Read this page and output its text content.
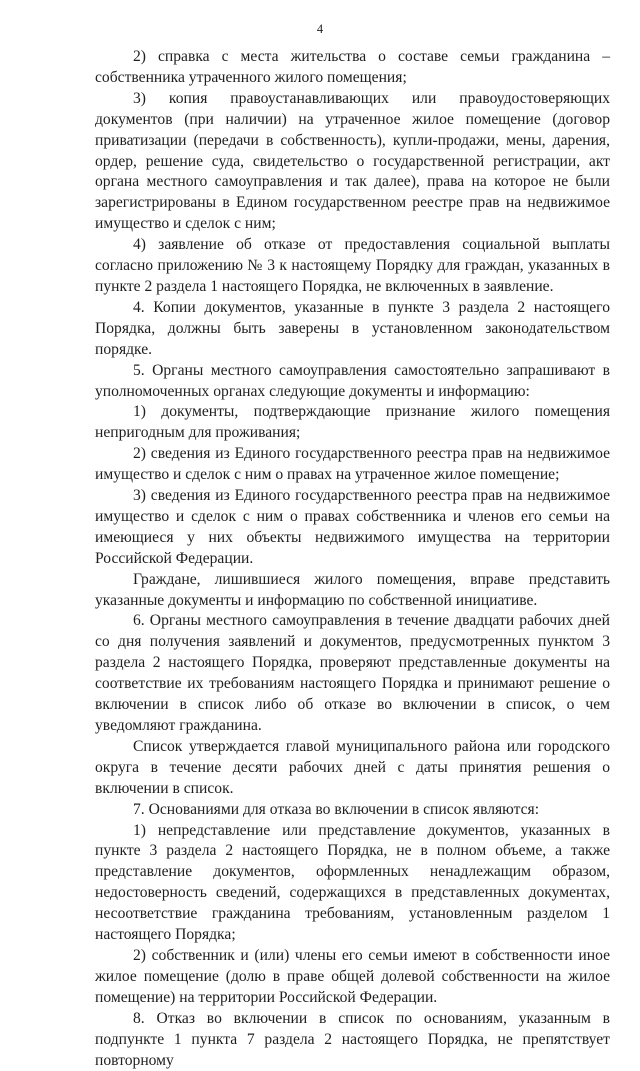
4

2) справка с места жительства о составе семьи гражданина – собственника утраченного жилого помещения;

3) копия правоустанавливающих или правоудостоверяющих документов (при наличии) на утраченное жилое помещение (договор приватизации (передачи в собственность), купли-продажи, мены, дарения, ордер, решение суда, свидетельство о государственной регистрации, акт органа местного самоуправления и так далее), права на которое не были зарегистрированы в Едином государственном реестре прав на недвижимое имущество и сделок с ним;

4) заявление об отказе от предоставления социальной выплаты согласно приложению № 3 к настоящему Порядку для граждан, указанных в пункте 2 раздела 1 настоящего Порядка, не включенных в заявление.

4. Копии документов, указанные в пункте 3 раздела 2 настоящего Порядка, должны быть заверены в установленном законодательством порядке.

5. Органы местного самоуправления самостоятельно запрашивают в уполномоченных органах следующие документы и информацию:

1) документы, подтверждающие признание жилого помещения непригодным для проживания;

2) сведения из Единого государственного реестра прав на недвижимое имущество и сделок с ним о правах на утраченное жилое помещение;

3) сведения из Единого государственного реестра прав на недвижимое имущество и сделок с ним о правах собственника и членов его семьи на имеющиеся у них объекты недвижимого имущества на территории Российской Федерации.

Граждане, лишившиеся жилого помещения, вправе представить указанные документы и информацию по собственной инициативе.

6. Органы местного самоуправления в течение двадцати рабочих дней со дня получения заявлений и документов, предусмотренных пунктом 3 раздела 2 настоящего Порядка, проверяют представленные документы на соответствие их требованиям настоящего Порядка и принимают решение о включении в список либо об отказе во включении в список, о чем уведомляют гражданина.

Список утверждается главой муниципального района или городского округа в течение десяти рабочих дней с даты принятия решения о включении в список.

7. Основаниями для отказа во включении в список являются:

1) непредставление или представление документов, указанных в пункте 3 раздела 2 настоящего Порядка, не в полном объеме, а также представление документов, оформленных ненадлежащим образом, недостоверность сведений, содержащихся в представленных документах, несоответствие гражданина требованиям, установленным разделом 1 настоящего Порядка;

2) собственник и (или) члены его семьи имеют в собственности иное жилое помещение (долю в праве общей долевой собственности на жилое помещение) на территории Российской Федерации.

8. Отказ во включении в список по основаниям, указанным в подпункте 1 пункта 7 раздела 2 настоящего Порядка, не препятствует повторному
